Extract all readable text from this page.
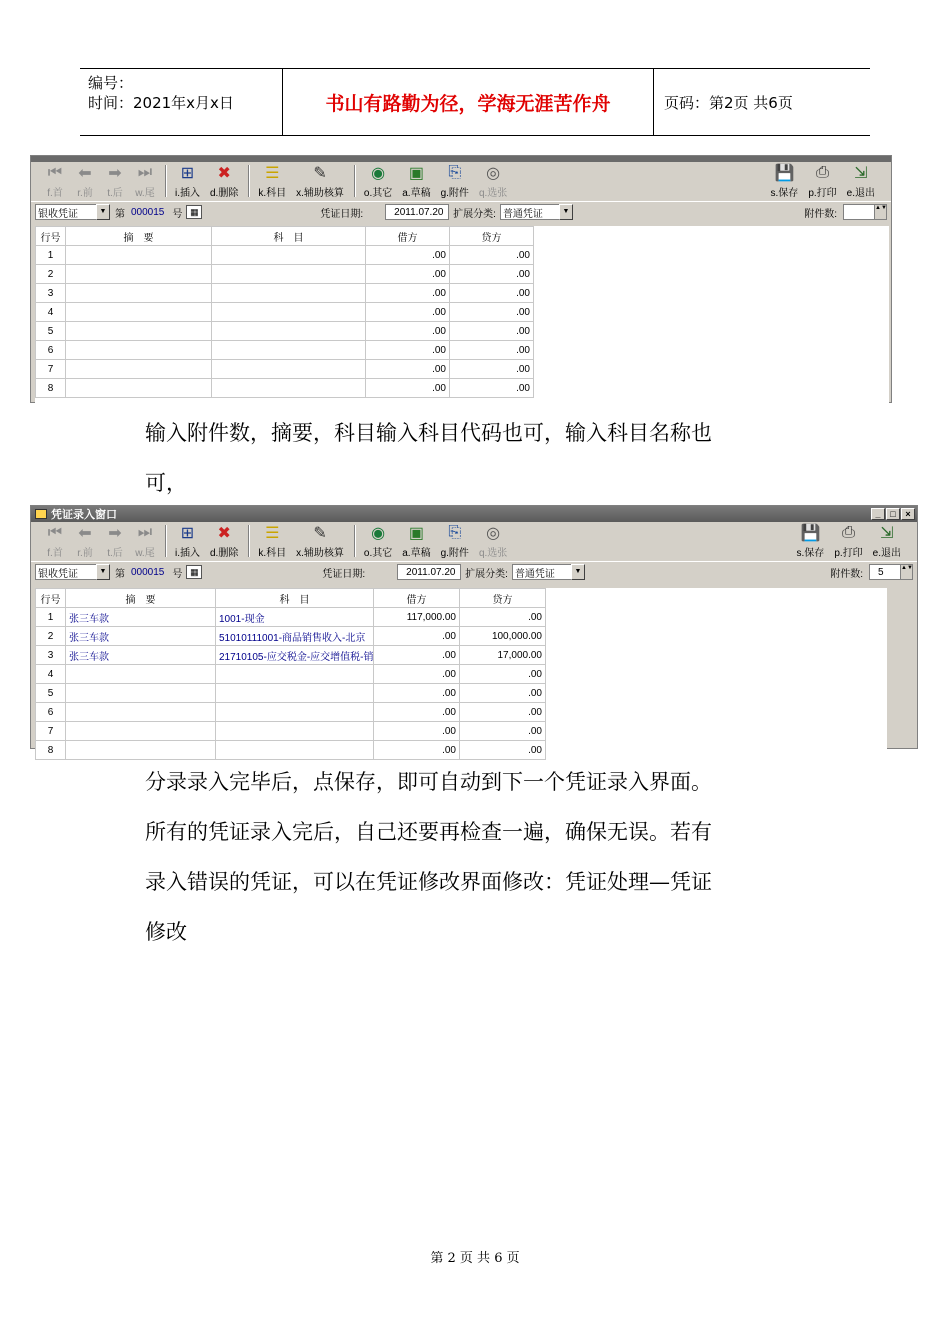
编号：
时间：2021年x月x日	书山有路勤为径，学海无涯苦作舟	页码：第2页 共6页
⏮
f.首
⬅
r.前
➡
t.后
⏭
w.尾
⊞
i.插入
✖
d.删除
☰
k.科目
✎
x.辅助核算
◉
o.其它
▣
a.草稿
⎘
g.附件
◎
q.选张
💾
s.保存
⎙
p.打印
⇲
e.退出
银收凭证	▼ 第 000015 号 ▦	凭证日期:	2011.07.20 扩展分类: 普通凭证	▼	附件数:
▲▼
行号	摘　要	科　目	借方	贷方
1			.00	.00
2			.00	.00
3			.00	.00
4			.00	.00
5			.00	.00
6			.00	.00
7			.00	.00
8			.00	.00
输入附件数，摘要，科目输入科目代码也可，输入科目名称也
可，
凭证录入窗口	_	□	×
⏮
f.首
⬅
r.前
➡
t.后
⏭
w.尾
⊞
i.插入
✖
d.删除
☰
k.科目
✎
x.辅助核算
◉
o.其它
▣
a.草稿
⎘
g.附件
◎
q.选张
💾
s.保存
⎙
p.打印
⇲
e.退出
银收凭证	▼ 第 000015 号 ▦	凭证日期:	2011.07.20 扩展分类: 普通凭证	▼	附件数: 5	▲▼
行号	摘　要	科　目	借方	贷方
1	张三车款	1001-现金	117,000.00	.00
2	张三车款	51010111001-商品销售收入-北京	.00	100,000.00
3	张三车款	21710105-应交税金-应交增值税-销	.00	17,000.00
4			.00	.00
5			.00	.00
6			.00	.00
7			.00	.00
8			.00	.00
分录录入完毕后，点保存，即可自动到下一个凭证录入界面。
所有的凭证录入完后，自己还要再检查一遍，确保无误。若有
录入错误的凭证，可以在凭证修改界面修改：凭证处理—凭证
修改
第 2 页 共 6 页
